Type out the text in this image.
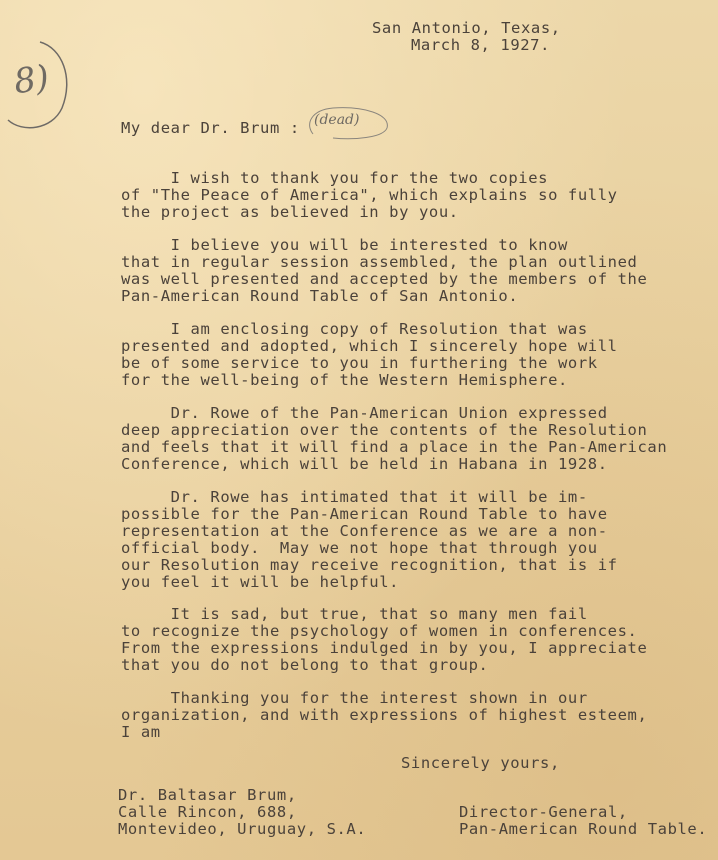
San Antonio, Texas,
March 8, 1927.
8)
My dear Dr. Brum : (dead)
I wish to thank you for the two copies
of "The Peace of America", which explains so fully
the project as believed in by you.
I believe you will be interested to know
that in regular session assembled, the plan outlined
was well presented and accepted by the members of the
Pan-American Round Table of San Antonio.
I am enclosing copy of Resolution that was
presented and adopted, which I sincerely hope will
be of some service to you in furthering the work
for the well-being of the Western Hemisphere.
Dr. Rowe of the Pan-American Union expressed
deep appreciation over the contents of the Resolution
and feels that it will find a place in the Pan-American
Conference, which will be held in Habana in 1928.
Dr. Rowe has intimated that it will be im-
possible for the Pan-American Round Table to have
representation at the Conference as we are a non-
official body.  May we not hope that through you
our Resolution may receive recognition, that is if
you feel it will be helpful.
It is sad, but true, that so many men fail
to recognize the psychology of women in conferences.
From the expressions indulged in by you, I appreciate
that you do not belong to that group.
Thanking you for the interest shown in our
organization, and with expressions of highest esteem,
I am
Sincerely yours,
Dr. Baltasar Brum,
Calle Rincon, 688,
Montevideo, Uruguay, S.A.
Director-General,
Pan-American Round Table.
